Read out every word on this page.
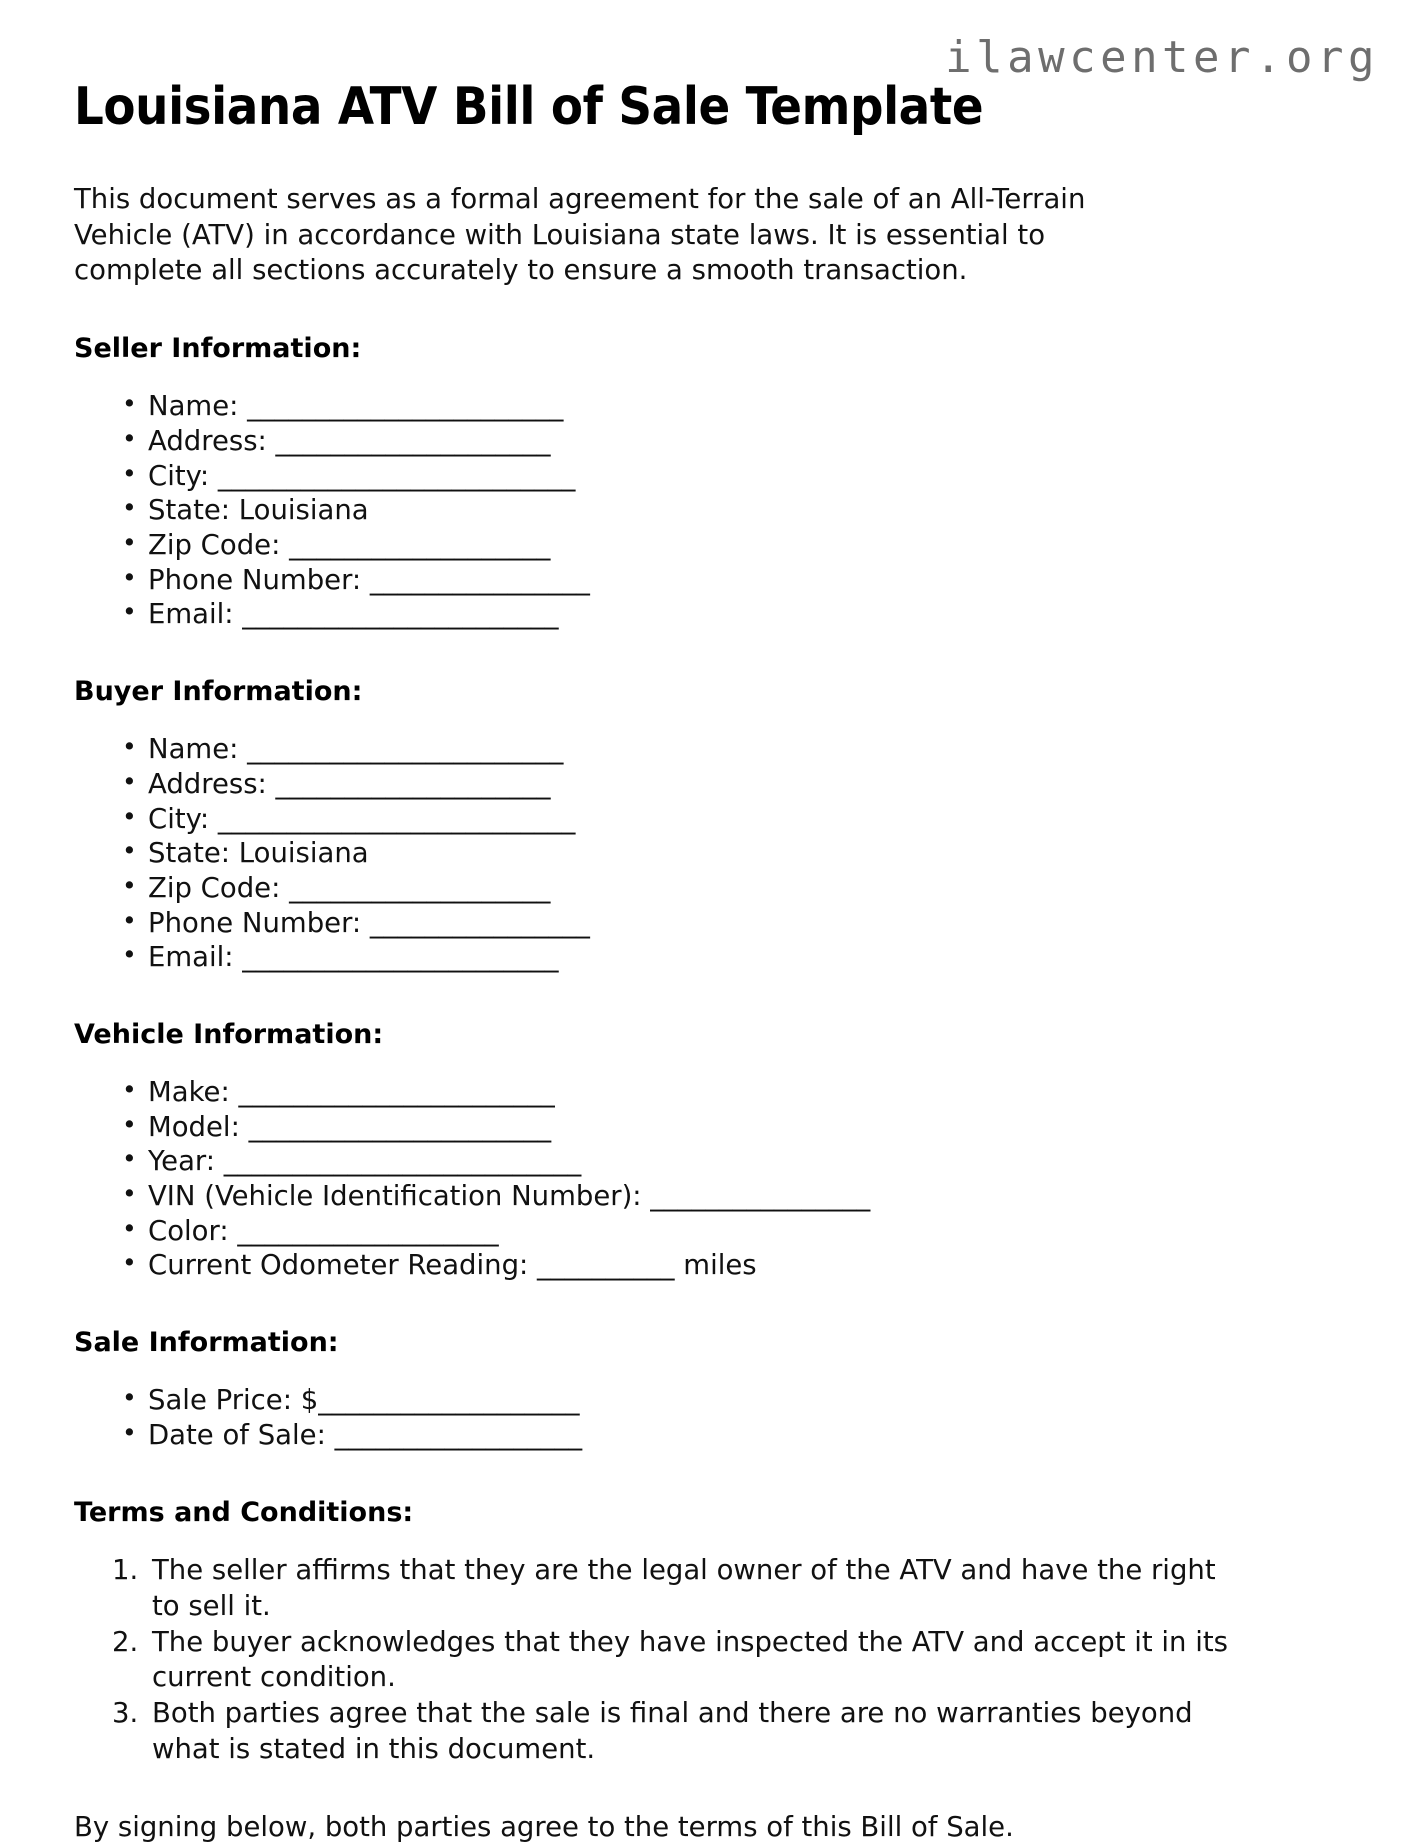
ilawcenter.org
Louisiana ATV Bill of Sale Template

This document serves as a formal agreement for the sale of an All-Terrain Vehicle (ATV) in accordance with Louisiana state laws. It is essential to complete all sections accurately to ensure a smooth transaction.

Seller Information:
• Name: _______________________
• Address: ____________________
• City: __________________________
• State: Louisiana
• Zip Code: ___________________
• Phone Number: ________________
• Email: _______________________
Buyer Information:
• Name: _______________________
• Address: ____________________
• City: __________________________
• State: Louisiana
• Zip Code: ___________________
• Phone Number: ________________
• Email: _______________________
Vehicle Information:
• Make: _______________________
• Model: ______________________
• Year: __________________________
• VIN (Vehicle Identification Number): ________________
• Color: ___________________
• Current Odometer Reading: __________ miles
Sale Information:
• Sale Price: $___________________
• Date of Sale: __________________
Terms and Conditions:
The seller affirms that they are the legal owner of the ATV and have the right to sell it.
The buyer acknowledges that they have inspected the ATV and accept it in its current condition.
Both parties agree that the sale is final and there are no warranties beyond what is stated in this document.

By signing below, both parties agree to the terms of this Bill of Sale.
